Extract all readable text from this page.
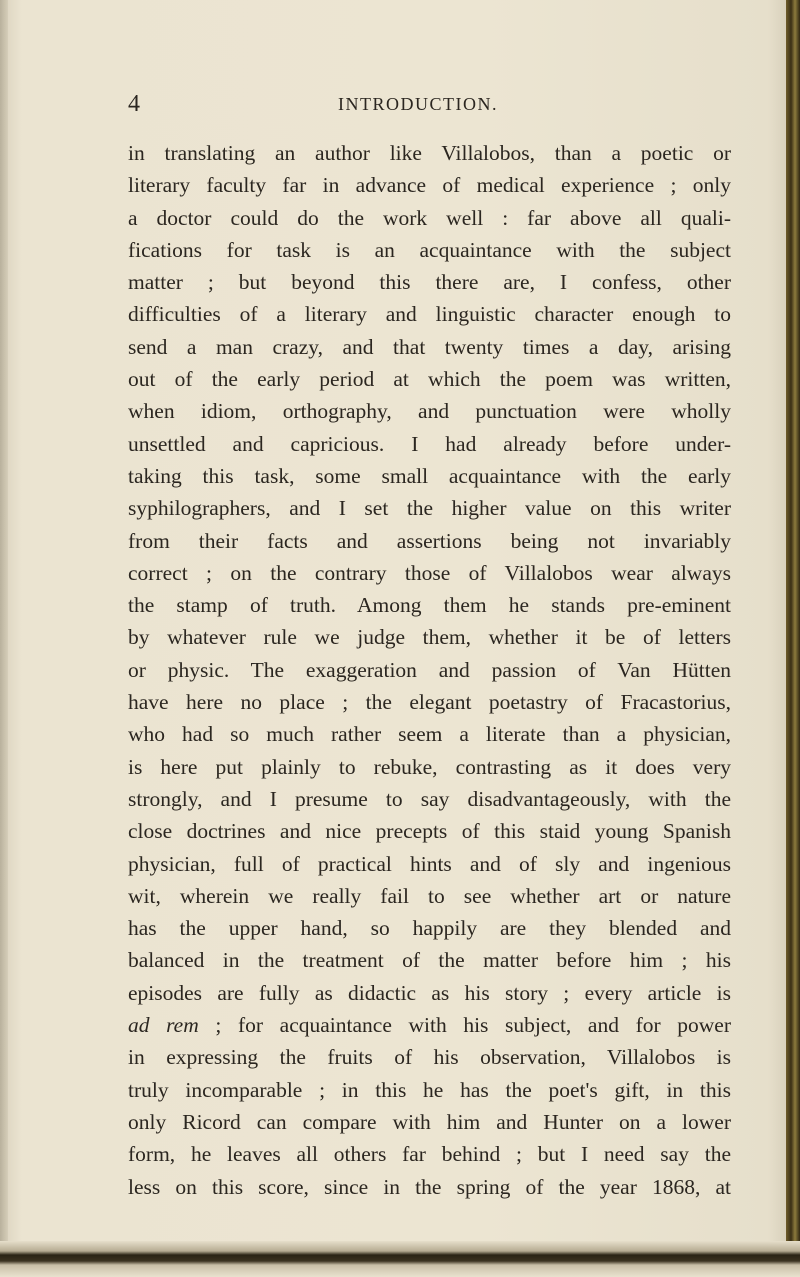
4	INTRODUCTION.
in translating an author like Villalobos, than a poetic or
literary faculty far in advance of medical experience ; only
a doctor could do the work well : far above all quali-
fications for task is an acquaintance with the subject
matter ; but beyond this there are, I confess, other
difficulties of a literary and linguistic character enough to
send a man crazy, and that twenty times a day, arising
out of the early period at which the poem was written,
when idiom, orthography, and punctuation were wholly
unsettled and capricious. I had already before under-
taking this task, some small acquaintance with the early
syphilographers, and I set the higher value on this writer
from their facts and assertions being not invariably
correct ; on the contrary those of Villalobos wear always
the stamp of truth. Among them he stands pre-eminent
by whatever rule we judge them, whether it be of letters
or physic. The exaggeration and passion of Van Hütten
have here no place ; the elegant poetastry of Fracastorius,
who had so much rather seem a literate than a physician,
is here put plainly to rebuke, contrasting as it does very
strongly, and I presume to say disadvantageously, with the
close doctrines and nice precepts of this staid young Spanish
physician, full of practical hints and of sly and ingenious
wit, wherein we really fail to see whether art or nature
has the upper hand, so happily are they blended and
balanced in the treatment of the matter before him ; his
episodes are fully as didactic as his story ; every article is
ad rem ; for acquaintance with his subject, and for power
in expressing the fruits of his observation, Villalobos is
truly incomparable ; in this he has the poet's gift, in this
only Ricord can compare with him and Hunter on a lower
form, he leaves all others far behind ; but I need say the
less on this score, since in the spring of the year 1868, at
